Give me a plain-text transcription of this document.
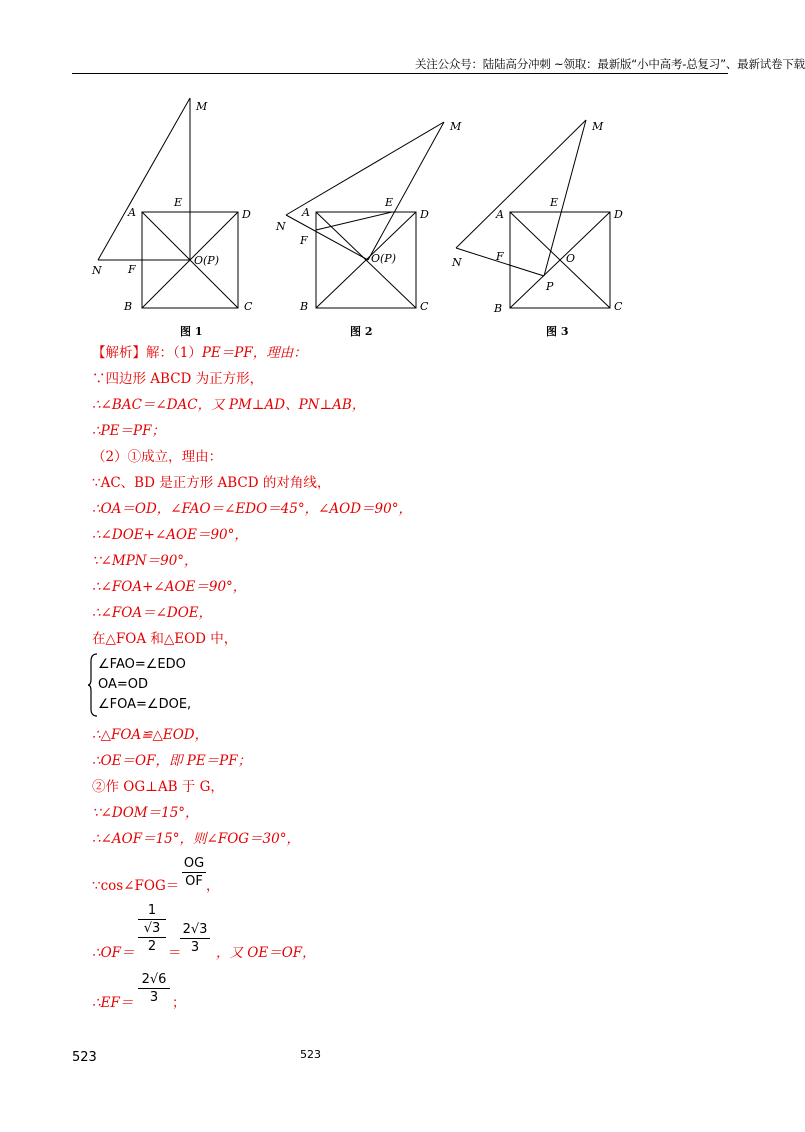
关注公众号：陆陆高分冲刺 ~领取：最新版“小中高考-总复习”、最新试卷下载
M
E
A	D
O(P)
N F
B	C
图 1
M
E
A	D
O(P)
N
F
B	C
图 2
M
E
A	D
O
P
N	F
B	C
图 3
【解析】解：（1）PE＝PF，理由：
∵四边形 ABCD 为正方形，
∴∠BAC＝∠DAC，又 PM⊥AD、PN⊥AB，
∴PE＝PF；
（2）①成立，理由：
∵AC、BD 是正方形 ABCD 的对角线，
∴OA＝OD，∠FAO＝∠EDO＝45°，∠AOD＝90°，
∴∠DOE+∠AOE＝90°，
∵∠MPN＝90°，
∴∠FOA+∠AOE＝90°，
∴∠FOA＝∠DOE，
在△FOA 和△EOD 中，
∠FAO=∠EDO
OA=OD
∠FOA=∠DOE,
∴△FOA≌△EOD，
∴OE＝OF，即 PE＝PF；
②作 OG⊥AB 于 G，
∵∠DOM＝15°，
∴∠AOF＝15°，则∠FOG＝30°，
∵cos∠FOG＝
OG
OF ，
∴OF＝
1
√3
2 ＝
2√3
3	，又 OE＝OF，
∴EF＝
2√6
3	；
523	523
